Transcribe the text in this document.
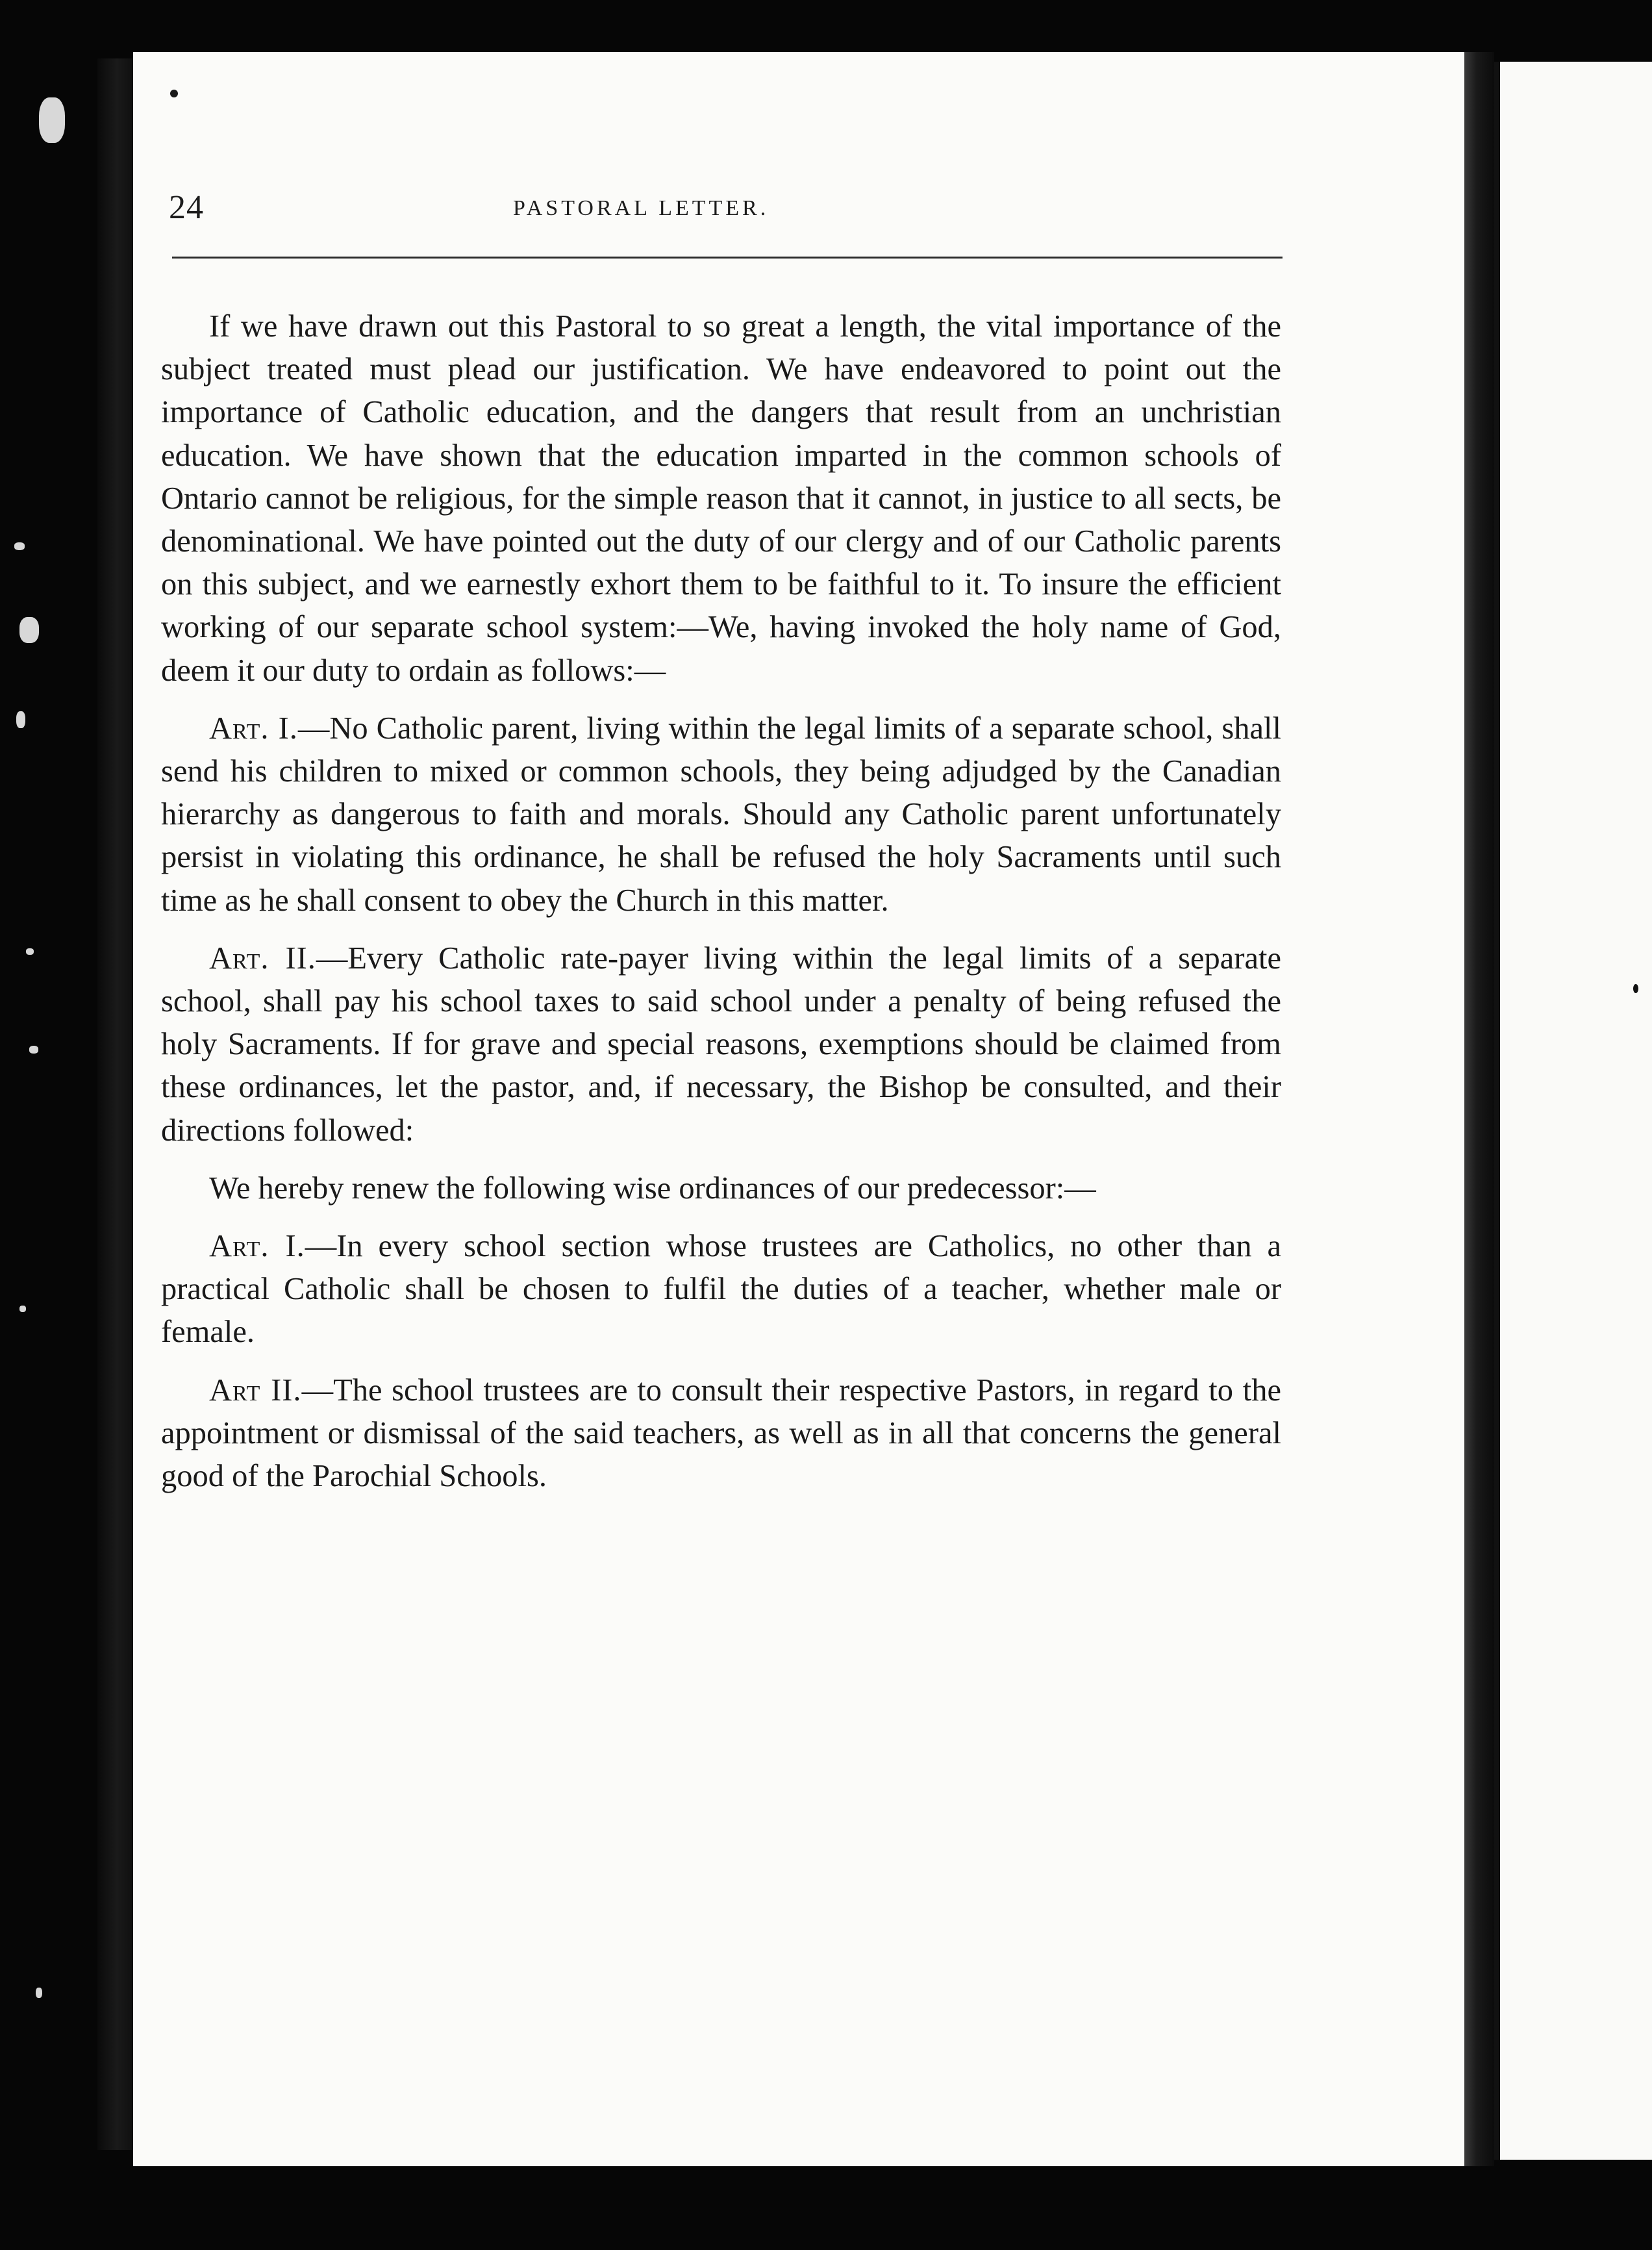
24	PASTORAL LETTER.

If we have drawn out this Pastoral to so great a length, the vital importance of the subject treated must plead our justification. We have endeavored to point out the importance of Catholic education, and the dangers that result from an unchristian education. We have shown that the education imparted in the common schools of Ontario cannot be religious, for the simple reason that it cannot, in justice to all sects, be denominational. We have pointed out the duty of our clergy and of our Catholic parents on this subject, and we earnestly exhort them to be faithful to it. To insure the efficient working of our separate school system:—We, having invoked the holy name of God, deem it our duty to ordain as follows:—

Art. I.—No Catholic parent, living within the legal limits of a separate school, shall send his children to mixed or common schools, they being adjudged by the Canadian hierarchy as dangerous to faith and morals. Should any Catholic parent unfortunately persist in violating this ordinance, he shall be refused the holy Sacraments until such time as he shall consent to obey the Church in this matter.

Art. II.—Every Catholic rate-payer living within the legal limits of a separate school, shall pay his school taxes to said school under a penalty of being refused the holy Sacraments. If for grave and special reasons, exemptions should be claimed from these ordinances, let the pastor, and, if necessary, the Bishop be consulted, and their directions followed:

We hereby renew the following wise ordinances of our predecessor:—

Art. I.—In every school section whose trustees are Catholics, no other than a practical Catholic shall be chosen to fulfil the duties of a teacher, whether male or female.

Art II.—The school trustees are to consult their respective Pastors, in regard to the appointment or dismissal of the said teachers, as well as in all that concerns the general good of the Parochial Schools.
